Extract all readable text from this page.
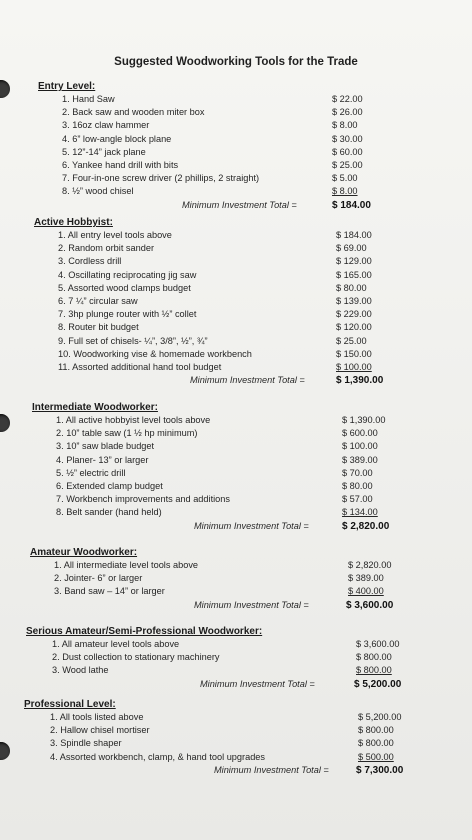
Suggested Woodworking Tools for the Trade
Entry Level:
1. Hand Saw	$ 22.00
2. Back saw and wooden miter box	$ 26.00
3. 16oz claw hammer	$ 8.00
4. 6” low-angle block plane	$ 30.00
5. 12”-14” jack plane	$ 60.00
6. Yankee hand drill with bits	$ 25.00
7. Four-in-one screw driver (2 phillips, 2 straight)	$ 5.00
8. ½” wood chisel	$ 8.00
Minimum Investment Total =	$ 184.00
Active Hobbyist:
1. All entry level tools above	$ 184.00
2. Random orbit sander	$ 69.00
3. Cordless drill	$ 129.00
4. Oscillating reciprocating jig saw	$ 165.00
5. Assorted wood clamps budget	$ 80.00
6. 7 ¼” circular saw	$ 139.00
7. 3hp plunge router with ½” collet	$ 229.00
8. Router bit budget	$ 120.00
9. Full set of chisels- ¼”, 3/8”, ½”, ¾”	$ 25.00
10. Woodworking vise & homemade workbench	$ 150.00
11. Assorted additional hand tool budget	$ 100.00
Minimum Investment Total =	$ 1,390.00
Intermediate Woodworker:
1. All active hobbyist level tools above	$ 1,390.00
2. 10” table saw (1 ½ hp minimum)	$ 600.00
3. 10” saw blade budget	$ 100.00
4. Planer- 13” or larger	$ 389.00
5. ½” electric drill	$ 70.00
6. Extended clamp budget	$ 80.00
7. Workbench improvements and additions	$ 57.00
8. Belt sander (hand held)	$ 134.00
Minimum Investment Total =	$ 2,820.00
Amateur Woodworker:
1. All intermediate level tools above	$ 2,820.00
2. Jointer- 6” or larger	$ 389.00
3. Band saw – 14” or larger	$ 400.00
Minimum Investment Total =	$ 3,600.00
Serious Amateur/Semi-Professional Woodworker:
1. All amateur level tools above	$ 3,600.00
2. Dust collection to stationary machinery	$ 800.00
3. Wood lathe	$ 800.00
Minimum Investment Total =	$ 5,200.00
Professional Level:
1. All tools listed above	$ 5,200.00
2. Hallow chisel mortiser	$ 800.00
3. Spindle shaper	$ 800.00
4. Assorted workbench, clamp, & hand tool upgrades	$ 500.00
Minimum Investment Total =	$ 7,300.00
